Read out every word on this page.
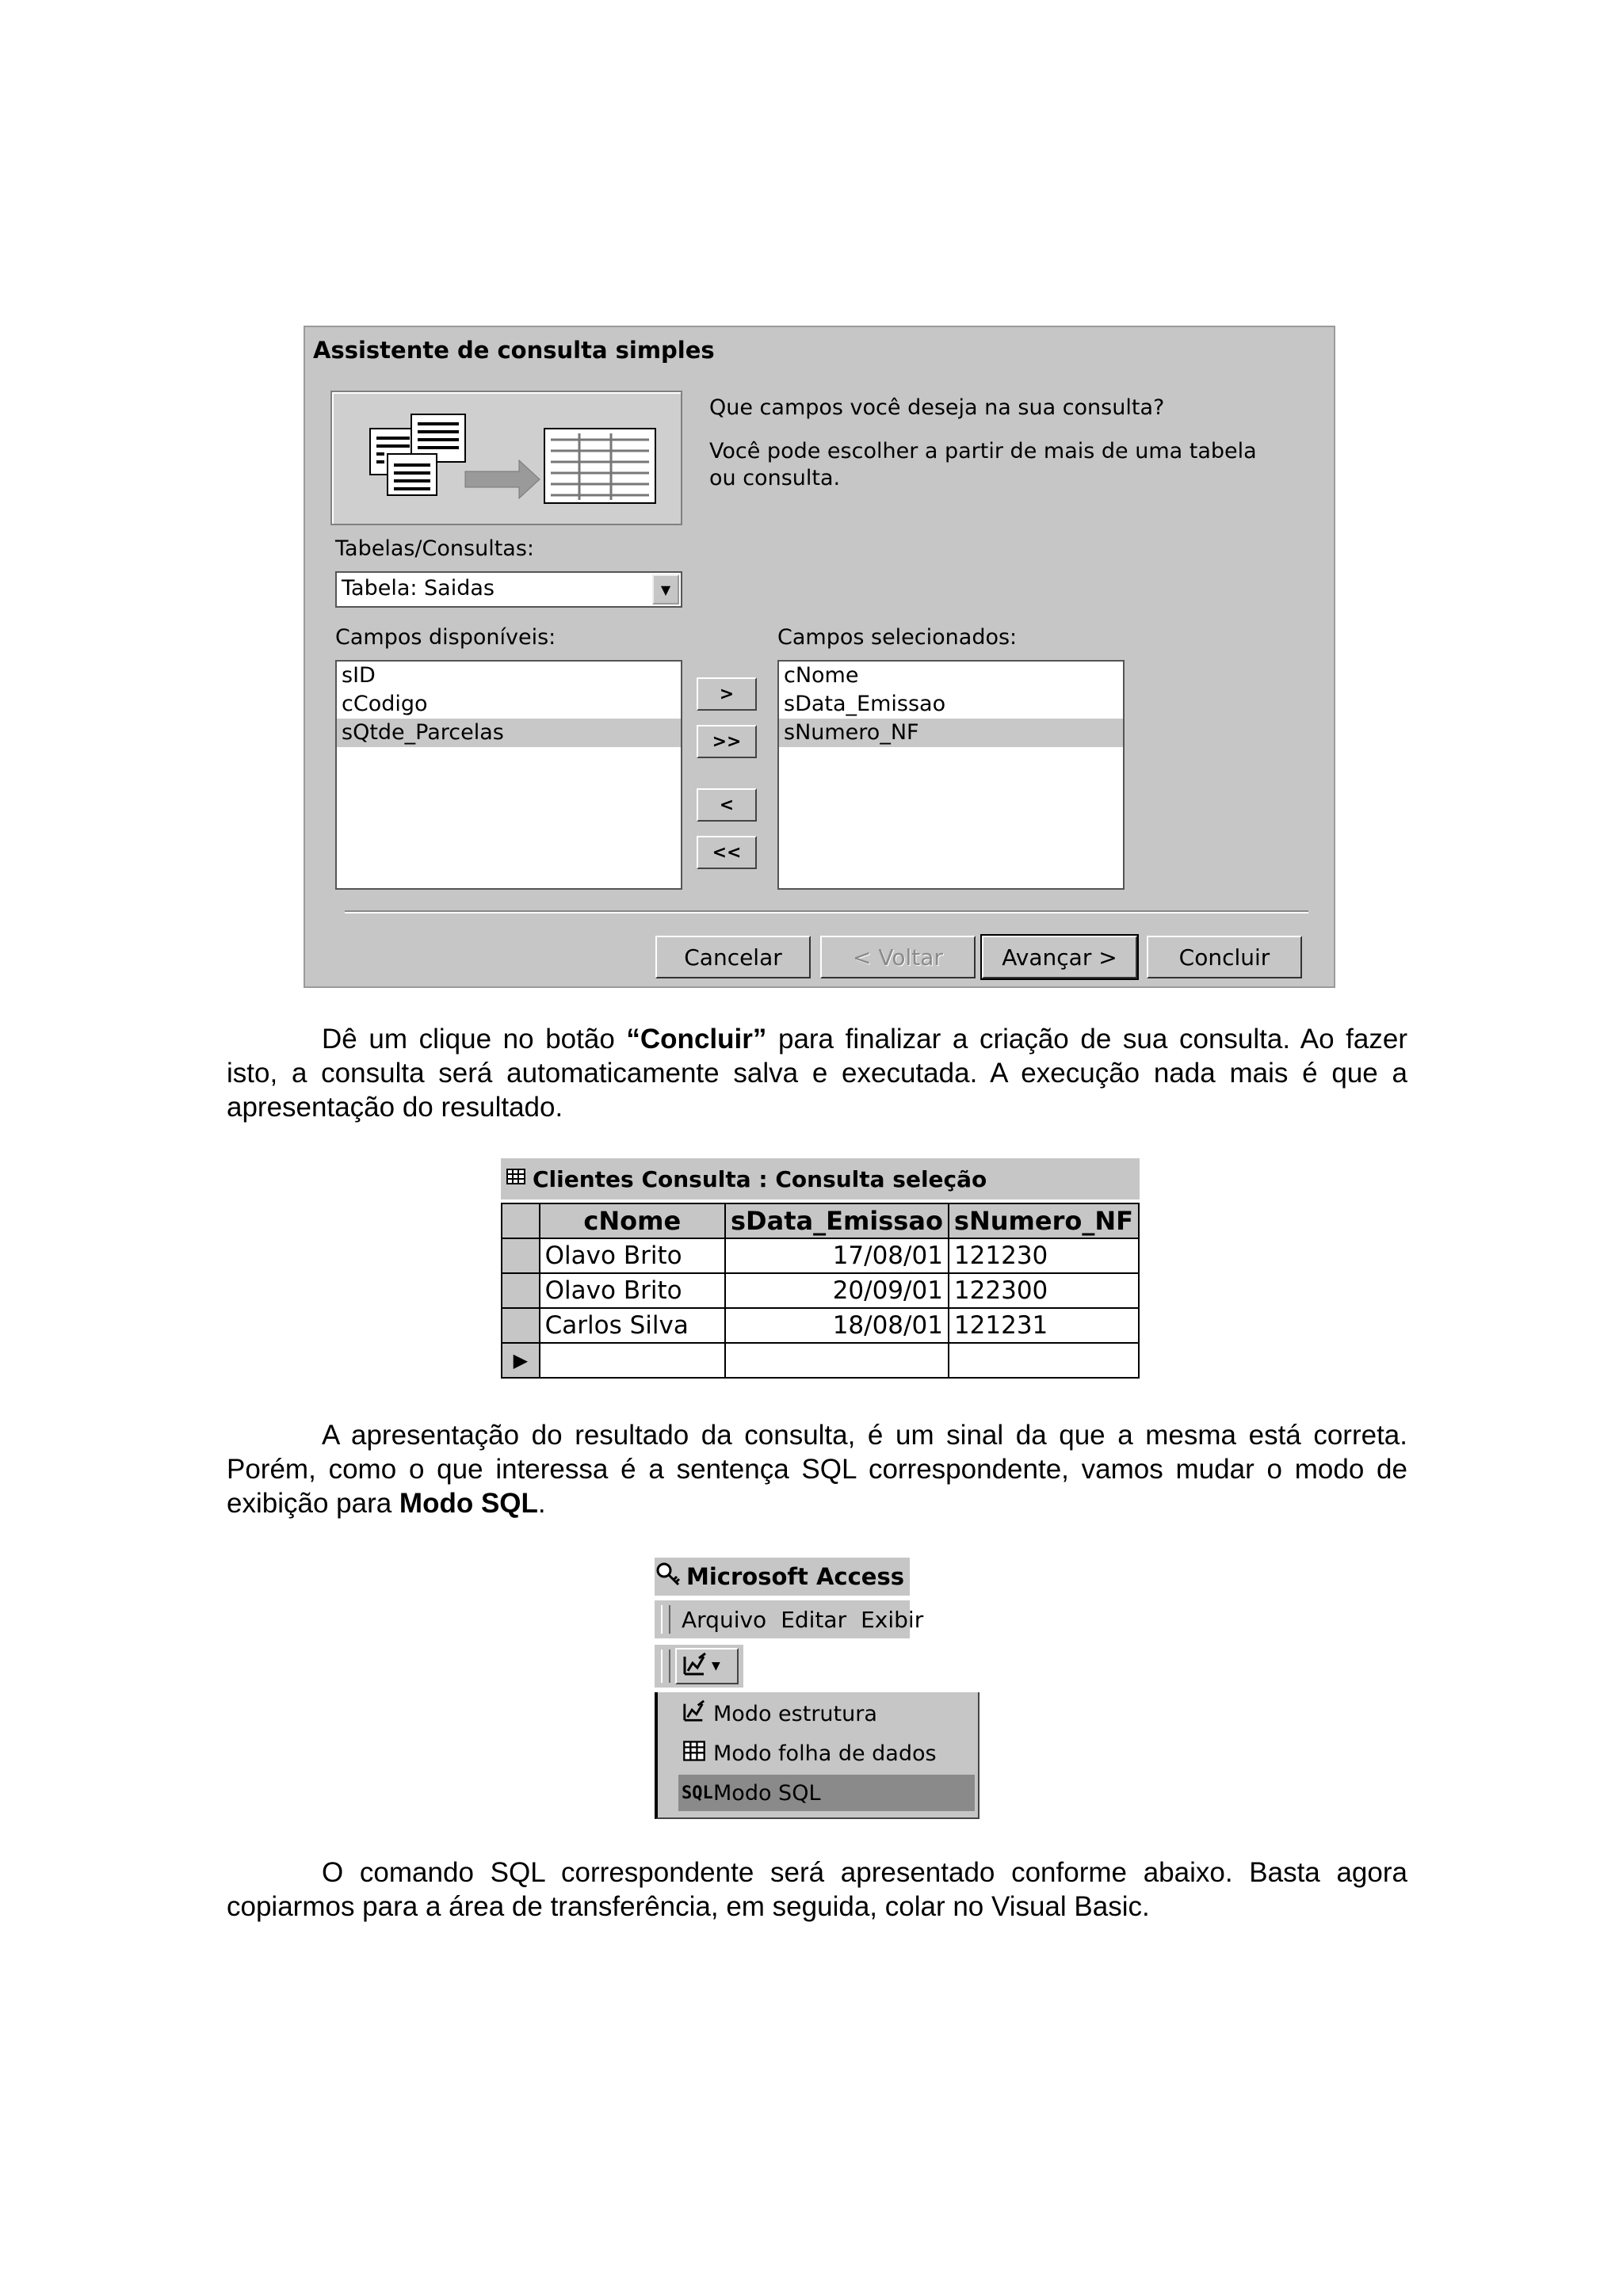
Assistente de consulta simples
Que campos você deseja na sua consulta?
Você pode escolher a partir de mais de uma tabela ou consulta.
Tabelas/Consultas:
Tabela: Saidas	▼
Campos disponíveis:	Campos selecionados:
sID
cCodigo
sQtde_Parcelas
>
>>
<
<<
cNome
sData_Emissao
sNumero_NF
Cancelar	< Voltar	Avançar >	Concluir
Dê um clique no botão “Concluir” para finalizar a criação de sua consulta. Ao fazer isto, a consulta será automaticamente salva e executada. A execução nada mais é que a apresentação do resultado.
Clientes Consulta : Consulta seleção
	cNome	sData_Emissao	sNumero_NF
	Olavo Brito	17/08/01	121230
	Olavo Brito	20/09/01	122300
	Carlos Silva	18/08/01	121231
▶			
A apresentação do resultado da consulta, é um sinal da que a mesma está correta. Porém, como o que interessa é a sentença SQL correspondente, vamos mudar o modo de exibição para Modo SQL.
Microsoft Access
Arquivo Editar Exibir
▼
Modo estrutura
Modo folha de dados
SQL Modo SQL
O comando SQL correspondente será apresentado conforme abaixo. Basta agora copiarmos para a área de transferência, em seguida, colar no Visual Basic.
